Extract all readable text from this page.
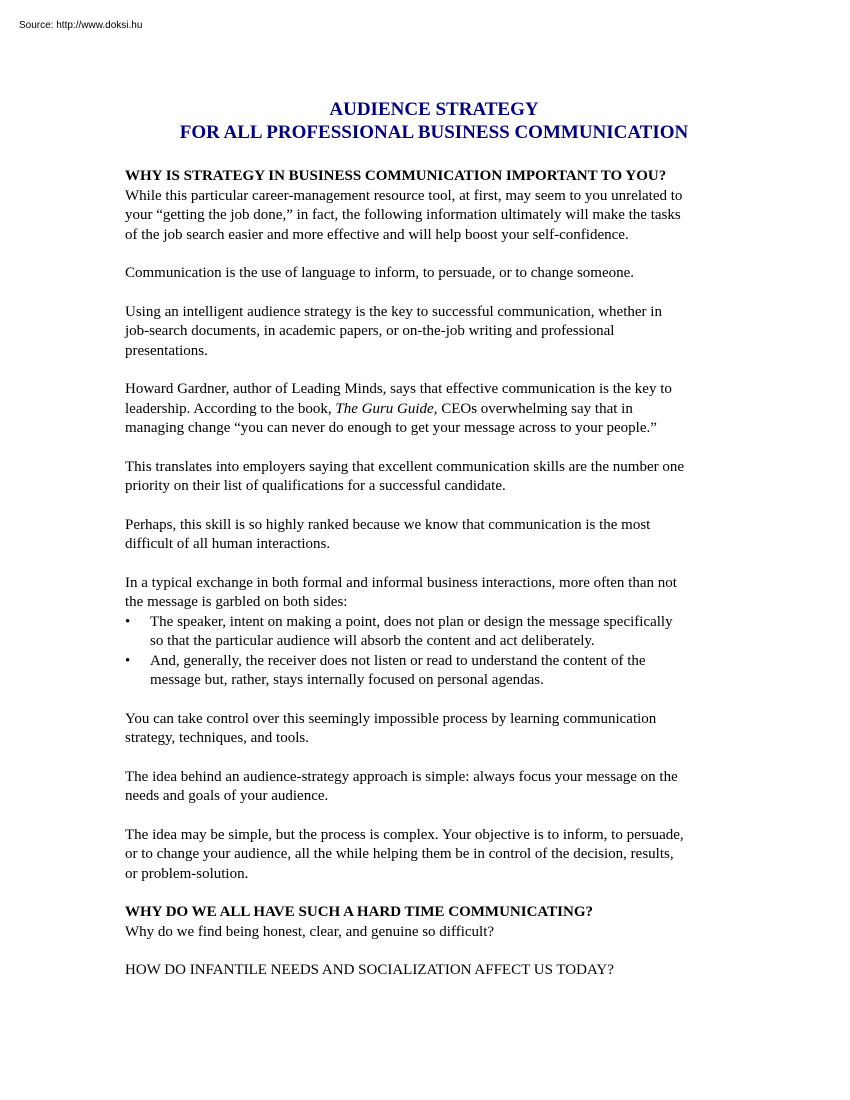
Source: http://www.doksi.hu
AUDIENCE STRATEGY
FOR ALL PROFESSIONAL BUSINESS COMMUNICATION

WHY IS STRATEGY IN BUSINESS COMMUNICATION IMPORTANT TO YOU?

While this particular career-management resource tool, at first, may seem to you unrelated to

your “getting the job done,” in fact, the following information ultimately will make the tasks

of the job search easier and more effective and will help boost your self-confidence.

Communication is the use of language to inform, to persuade, or to change someone.

Using an intelligent audience strategy is the key to successful communication, whether in

job-search documents, in academic papers, or on-the-job writing and professional

presentations.

Howard Gardner, author of Leading Minds, says that effective communication is the key to

leadership. According to the book, The Guru Guide, CEOs overwhelming say that in

managing change “you can never do enough to get your message across to your people.”

This translates into employers saying that excellent communication skills are the number one

priority on their list of qualifications for a successful candidate.

Perhaps, this skill is so highly ranked because we know that communication is the most

difficult of all human interactions.

In a typical exchange in both formal and informal business interactions, more often than not

the message is garbled on both sides:

• The speaker, intent on making a point, does not plan or design the message specifically
so that the particular audience will absorb the content and act deliberately.
• And, generally, the receiver does not listen or read to understand the content of the
message but, rather, stays internally focused on personal agendas.

You can take control over this seemingly impossible process by learning communication

strategy, techniques, and tools.

The idea behind an audience-strategy approach is simple: always focus your message on the

needs and goals of your audience.

The idea may be simple, but the process is complex. Your objective is to inform, to persuade,

or to change your audience, all the while helping them be in control of the decision, results,

or problem-solution.

WHY DO WE ALL HAVE SUCH A HARD TIME COMMUNICATING?

Why do we find being honest, clear, and genuine so difficult?

HOW DO INFANTILE NEEDS AND SOCIALIZATION AFFECT US TODAY?
